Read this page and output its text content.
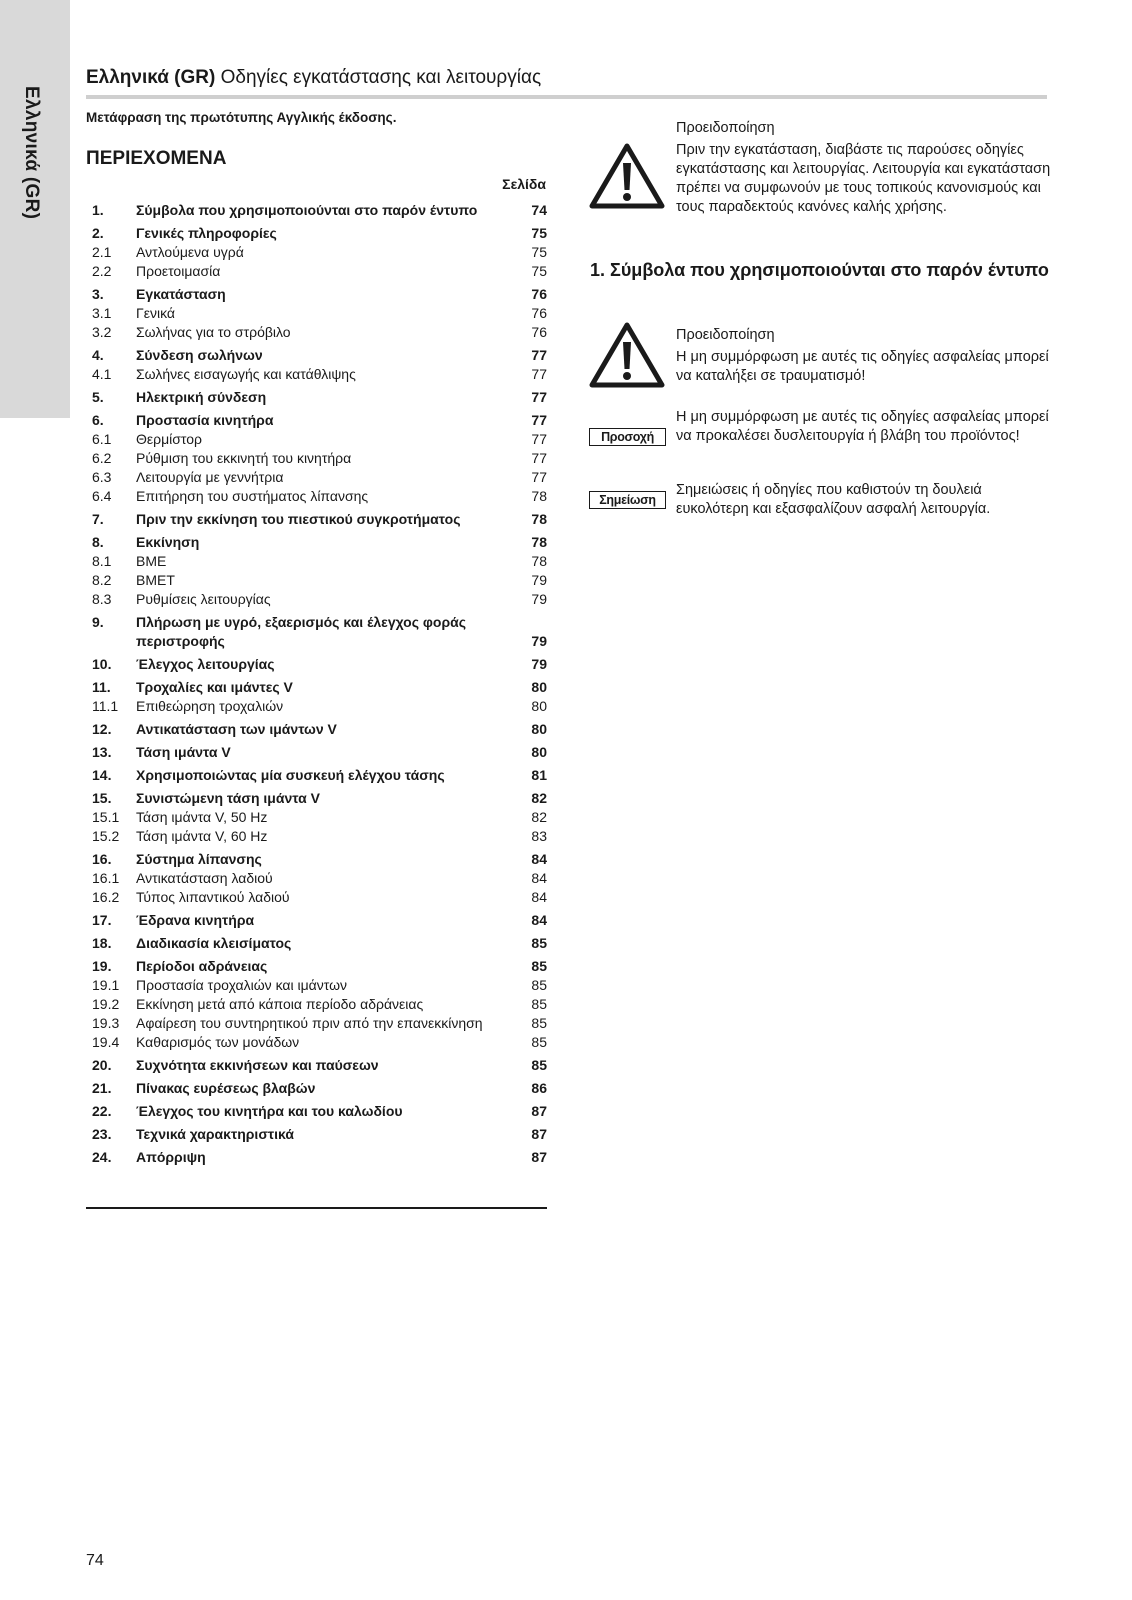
Ελληνικά (GR)
Ελληνικά (GR) Οδηγίες εγκατάστασης και λειτουργίας
Μετάφραση της πρωτότυπης Αγγλικής έκδοσης.
ΠΕΡΙΕΧΟΜΕΝΑ
Σελίδα
1. Σύμβολα που χρησιμοποιούνται στο παρόν έντυπο	74
2. Γενικές πληροφορίες	75
2.1 Αντλούμενα υγρά	75
2.2 Προετοιμασία	75
3. Εγκατάσταση	76
3.1 Γενικά	76
3.2 Σωλήνας για το στρόβιλο	76
4. Σύνδεση σωλήνων	77
4.1 Σωλήνες εισαγωγής και κατάθλιψης	77
5. Ηλεκτρική σύνδεση	77
6. Προστασία κινητήρα	77
6.1 Θερμίστορ	77
6.2 Ρύθμιση του εκκινητή του κινητήρα	77
6.3 Λειτουργία με γεννήτρια	77
6.4 Επιτήρηση του συστήματος λίπανσης	78
7. Πριν την εκκίνηση του πιεστικού συγκροτήματος	78
8. Εκκίνηση	78
8.1 BME	78
8.2 BMET	79
8.3 Ρυθμίσεις λειτουργίας	79
9. Πλήρωση με υγρό, εξαερισμός και έλεγχος φοράς περιστροφής	79
10. Έλεγχος λειτουργίας	79
11. Τροχαλίες και ιμάντες V	80
11.1 Επιθεώρηση τροχαλιών	80
12. Αντικατάσταση των ιμάντων V	80
13. Τάση ιμάντα V	80
14. Χρησιμοποιώντας μία συσκευή ελέγχου τάσης	81
15. Συνιστώμενη τάση ιμάντα V	82
15.1 Τάση ιμάντα V, 50 Hz	82
15.2 Τάση ιμάντα V, 60 Hz	83
16. Σύστημα λίπανσης	84
16.1 Αντικατάσταση λαδιού	84
16.2 Τύπος λιπαντικού λαδιού	84
17. Έδρανα κινητήρα	84
18. Διαδικασία κλεισίματος	85
19. Περίοδοι αδράνειας	85
19.1 Προστασία τροχαλιών και ιμάντων	85
19.2 Εκκίνηση μετά από κάποια περίοδο αδράνειας	85
19.3 Αφαίρεση του συντηρητικού πριν από την επανεκκίνηση	85
19.4 Καθαρισμός των μονάδων	85
20. Συχνότητα εκκινήσεων και παύσεων	85
21. Πίνακας ευρέσεως βλαβών	86
22. Έλεγχος του κινητήρα και του καλωδίου	87
23. Τεχνικά χαρακτηριστικά	87
24. Απόρριψη	87
Προειδοποίηση
Πριν την εγκατάσταση, διαβάστε τις παρούσες οδηγίες εγκατάστασης και λειτουργίας. Λειτουργία και εγκατάσταση πρέπει να συμφωνούν με τους τοπικούς κανονισμούς και τους παραδεκτούς κανόνες καλής χρήσης.
1. Σύμβολα που χρησιμοποιούνται στο παρόν έντυπο
Προειδοποίηση
Η μη συμμόρφωση με αυτές τις οδηγίες ασφαλείας μπορεί να καταλήξει σε τραυματισμό!
Προσοχή
Η μη συμμόρφωση με αυτές τις οδηγίες ασφαλείας μπορεί να προκαλέσει δυσλειτουργία ή βλάβη του προϊόντος!
Σημείωση
Σημειώσεις ή οδηγίες που καθιστούν τη δουλειά ευκολότερη και εξασφαλίζουν ασφαλή λειτουργία.
74
